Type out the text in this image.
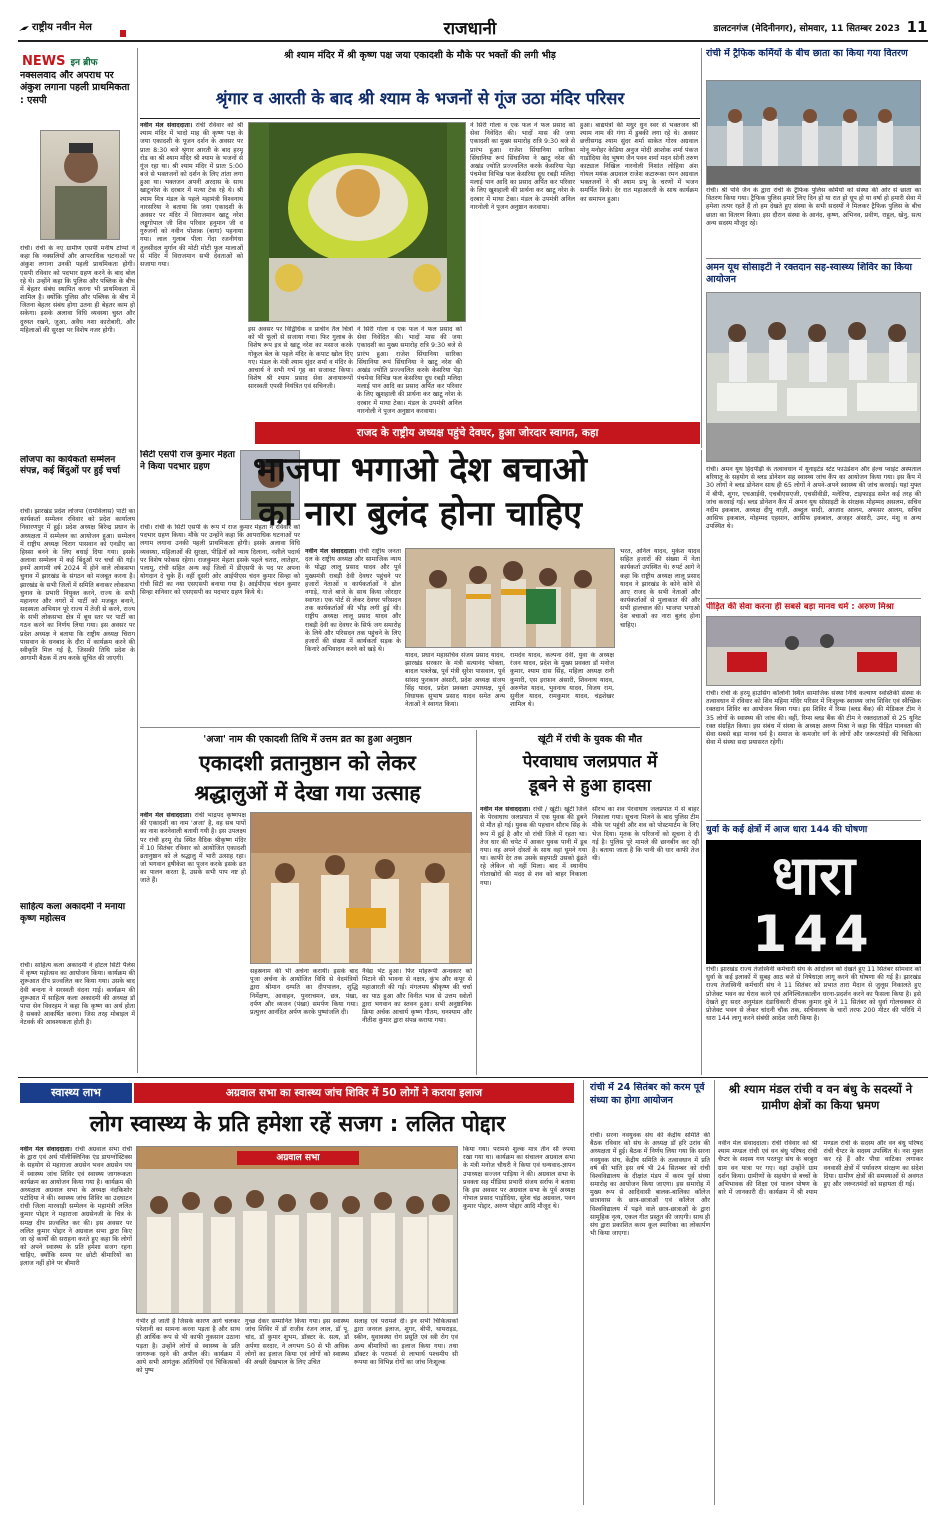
राष्ट्रीय नवीन मेल	राजधानी	डालटनगंज (मेदिनीनगर), सोमवार, 11 सितम्बर 2023 11
NEWS इन ब्रीफ
नक्सलवाद और अपराध पर अंकुश लगाना पहली प्राथमिकता : एसपी
रांची। रांची के नए ग्रामीण एसपी मनीष टोप्पो ने कहा कि नक्सलियों और आपराधिक घटनाओं पर अंकुश लगाना उनकी पहली प्राथमिकता होगी। एसपी रविवार को पदभार ग्रहण करने के बाद बोल रहे थे। उन्होंने कहा कि पुलिस और पब्लिक के बीच में बेहतर संबंध स्थापित करना भी प्राथमिकता में शामिल है। क्योंकि पुलिस और पब्लिक के बीच में जितना बेहतर संबंध होगा उतना ही बेहतर काम हो सकेगा। इसके अलावा विधि व्यवस्था चुस्त और दुरुस्त रखने, जुआ, अवैध नशा कारोबारी, और महिलाओं की सुरक्षा पर विशेष नजर होगी।
लोजपा का कार्यकर्ता सम्मेलन संपन्न, कई बिंदुओं पर हुई चर्चा
रांची। झारखंड प्रदेश लोजपा (रामविलास) पार्टी का कार्यकर्ता सम्मेलन रविवार को प्रदेश कार्यालय निवारणपुर में हुई। प्रदेश अध्यक्ष बिरेन्द्र प्रधान के अध्यक्षता में सम्मेलन का आयोजन हुआ। सम्मेलन में राष्ट्रीय अध्यक्ष चिराग पासवान को एनडीए का हिस्सा बनने के लिए बधाई दिया गया। इसके अलावा सम्मेलन में कई बिंदुओं पर चर्चा की गई। इनमें आगामी वर्ष 2024 में होने वाले लोकसभा चुनाव में झारखंड के संगठन को मजबूत करना है। झारखंड के सभी जिलों में समिति बनाकर लोकसभा चुनाव के प्रभारी नियुक्त करने, राज्य के सभी महानगर और नगरों में पार्टी को मजबूत बनाने, सदस्यता अभियान पूरे राज्य में तेजी से करने, राज्य के सभी लोकसभा क्षेत्र में बूथ स्तर पर पार्टी का गठन करने का निर्णय लिया गया। इस अवसर पर प्रदेश अध्यक्ष ने बताया कि राष्ट्रीय अध्यक्ष चिराग पासवान के धनबाद के दौरा में कार्यक्रम करने की स्वीकृति मिल गई है, जिसकी तिथि प्रदेश के आगामी बैठक में तय करके सूचित की जाएगी।
साहित्य कला अकादमी ने मनाया कृष्ण महोत्सव
रांची। साहित्य कला अकादमी ने होटल सिटी पैलेस में कृष्ण महोत्सव का आयोजन किया। कार्यक्रम की शुरूआत दीप प्रज्वलित कर किया गया। उसके बाद देवी बन्दना ने सरस्वती वंदना गाई। कार्यक्रम की शुरूआत में साहित्य कला अकादमी की अध्यक्ष डॉ पापा सेन विवरहम ने कहा कि कृष्ण का अर्थ होता है सबको आकर्षित करना। जिस तरह मोबाइल में नेटवर्क की आवश्यकता होती है।
श्री श्याम मंदिर में श्री कृष्ण पक्ष जया एकादशी के मौके पर भक्तों की लगी भीड़
श्रृंगार व आरती के बाद श्री श्याम के भजनों से गूंज उठा मंदिर परिसर
नवीन मेल संवाददाता। रांची रविवार को श्री श्याम मंदिर में भादो माह की कृष्ण पक्ष के जया एकादशी के पूजन दर्शन के अवसर पर प्रातः 8:30 बजे श्रृंगार आरती के बाद हरमू रोड का श्री श्याम मंदिर श्री श्याम के भजनों से गूंज रहा था। श्री श्याम मंदिर में प्रातः 5:00 बजे से भक्तजनों को दर्शन के लिए तांता लगा हुआ था। भक्तजन अपनी अरदास के साथ खाटूनरेश के दरबार में मत्था टेक रहे थे। श्री श्याम मित्र मंडल के पहले महामंत्री विश्वनाथ नारसरिया ने बताया कि जया एकादशी के अवसर पर मंदिर में विराजमान खाटू नरेश लड्डूगोपाल जी शिव परिवार हनुमान जी व गुरुजनों को नवीन पोशाक (बागा) पहनाया गया। लाल गुलाब पीला गेंदा रजनीगंधा तुलसीदल मुर्गान की मोटी मोटी फूल मालाओं से मंदिर में विराजमान सभी देवताओं को सजाया गया।
इस अवसर पर विद्विधिक व प्राचीन तैल चित्रों को भी फूलों से सजाया गया। फिर गुलाब के विशेष रूप इत्र से खाटू नरेश का मसाज करके गोकुल बेल के पहले मंदिर के कपाट खोल दिए गए। मंडल के मंत्री श्याम सुंदर शर्मा व मंदिर के आचार्य ने सभी गर्भ गृह का सजावट किया। विशेष श्री श्याम प्रसाद सेवा अनायारूपों सारस्वती एपसी नियंत्रित एवं सचिनजी।
ने सिरी गोला व एक फल ने फल प्रसाद को सेवा निवेदित की। भादों मास की जया एकादशी का मुख्य समारोह रात्रि 9:30 बजे से प्रारंभ हुआ। राजेश सिंघानिया सारिका सिंघानिया रूपं सिंघानिया ने खाटू नरेश की अखंड ज्योति प्रज्ज्वलित करके केसरिया पेड़ा पंचमेवा विभिन्न फल केसरिया दूध रबड़ी मलिदा मलाई पान आदि का प्रसाद अर्पित कर परिवार के लिए खुशहाली की प्रार्थना कर खाटू नरेश के दरबार में माथा टेका। मंडल के उपमंत्री अनिल नारनोली ने पूजन अनुष्ठान करवाया।
ने सिरी गोला व एक फल ने फल प्रसाद को सेवा निवेदित की। भादों मास की जया एकादशी का मुख्य समारोह रात्रि 9:30 बजे से प्रारंभ हुआ। राजेश सिंघानिया सारिका सिंघानिया रूपं सिंघानिया ने खाटू नरेश की अखंड ज्योति प्रज्ज्वलित करके केसरिया पेड़ा पंचमेवा विभिन्न फल केसरिया दूध रबड़ी मलिदा मलाई पान आदि का प्रसाद अर्पित कर परिवार के लिए खुशहाली की प्रार्थना कर खाटू नरेश के दरबार में माथा टेका। मंडल के उपमंत्री अनिल नारनोली ने पूजन अनुष्ठान करवाया।
हुआ। बाद्ययंत्रों की मधुर धुन स्वर से भक्तजन श्री श्याम नाम की गंगा में डुबकी लगा रहे थे। अवसर छत्तीसगढ़ श्याम सुंदर शर्मा साकेत गोरव अग्रवाल मोनू मनोहर केडिया अनुज मोदी आशोक शर्मा पंकज गाडोदिया वेद भूषण जैन पवन शर्मा मदन सोनी तरुण काट्याल निखिल नारनोली निशांत लोहिया अंश गोयल मयंक अग्रवाल राजेश कटारूका रमन अग्रवाल भक्तजनों ने श्री श्याम प्रभु के चरणों में भजन समर्पित किये। देर रात महाआरती के साथ कार्यक्रम का समापन हुआ।
रांची में ट्रैफिक कर्मियों के बीच छाता का किया गया वितरण
रांची। श्री पवि जैन के द्वारा रांची के ट्रैफिक पुलिस कर्मियों को संस्था की ओर से छाता का वितरण किया गया। ट्रैफिक पुलिस हमारे लिए दिन हो या रात हो धूप हो या वर्षा हो हमारी सेवा में हमेशा तत्पर रहते हैं तो हम देखते हुए संस्था के सभी सदस्यों ने मिलकर ट्रैफिक पुलिस के बीच छाता का वितरण किया। इस दौरान संस्था के आनंद, कृष्ण, अभिनव, प्रवीण, राहुल, खेनु, सत्य अन्य सदस्य मौजूद रहे।
अमन यूथ सोसाइटी ने रक्तदान सह-स्वास्थ्य शिविर का किया आयोजन
रांची। अमन यूथ हिंदपीढ़ी के तत्वावधान में यूनाइटेड स्टेट फाउंडेशन और हेल्थ प्वाइंट अस्पताल बरियातू के सहयोग से ब्लड डोनेशन सह स्वास्थ्य जांच कैंप का आयोजन किया गया। इस कैंप में 30 लोगों ने ब्लड डोनेशन साथ ही 65 लोगों ने अपने-अपने स्वास्थ्य की जांच करवाई। यहां मुफ्त में बीपी, शुगर, एचआईवी, एचबीएसएजी, एचसीवीडी, मलेरिया, टाइफाइड समेत कई तरह की जांच करवाई गई। ब्लड डोनेशन कैंप में अमन यूथ सोसाइटी के संरक्षक मोहम्मद असलम, सचिव नदीम इकबाल, अध्यक्ष दीपू नाज़ी, अब्दुल सादी, आजाद आलम, अफसर आलम, सचिव आसिफ इकबाल, मोहम्मद एहसान, आसिफ इकबाल, अजहर अंसारी, उमर, मंशु व अन्य उपस्थित थे।
पीड़ित की सेवा करना ही सबसे बड़ा मानव धर्म : अरुण मिश्रा
रांची। रांची के हरमू हाउसिंग कॉलोनी स्थित सामाजिक संस्था निधि कल्याण स्वस्तिकी संस्था के तत्वावधान में रविवार को शिव महिमा मंदिर परिसर में निःशुल्क स्वास्थ्य जांच शिविर एवं स्वैच्छिक रक्तदान शिविर का आयोजन किया गया। इस शिविर में रिम्स (ब्लड बैंक) की मेडिकल टीम ने 35 लोगों के स्वास्थ्य की जांच की। वहीं, रिम्स ब्लड बैंक की टीम ने रक्तदाताओं से 25 यूनिट रक्त संग्रहित किया। इस संबंध में संस्था के अध्यक्ष अरुण मिश्रा ने कहा कि पीड़ित मानवता की सेवा सबसे बड़ा मानव धर्म है। समाज के कमजोर वर्ग के लोगों और जरूरतमंदों की चिकित्सा सेवा में संस्था सदा प्रयासरत रहेगी।
धुर्वा के कई क्षेत्रों में आज धारा 144 की घोषणा
धारा
144
रांची। झारखंड राज्य तेजस्विनी कर्मचारी संघ के आंदोलन को देखते हुए 11 सितंबर सोमवार को धुर्वा के कई इलाकों में सुबह आठ बजे से निषेधाज्ञा लागू करने की घोषणा की गई है। झारखंड राज्य तेजस्विनी कर्मचारी संघ ने 11 सितंबर को प्रभात तारा मैदान से जुलूस निकालते हुए प्रोजेक्ट भवन का घेराव करने एवं अनिश्चितकालीन धरना-प्रदर्शन करने का फैसला किया है। इसे देखते हुए सदर अनुमंडल दंडाधिकारी दीपक कुमार दुबे ने 11 सितंबर को धुर्वा गोलचक्कर से प्रोजेक्ट भवन से लेकर चांदनी चौक तक, सचिवालय के चारों तरफ 200 मीटर की परिधि में धारा 144 लागू करने संबंधी आदेश जारी किया है।
सिटी एसपी राज कुमार मेहता ने किया पदभार ग्रहण
राजद के राष्ट्रीय अध्यक्ष पहुंचे देवघर, हुआ जोरदार स्वागत, कहा
भाजपा भगाओ देश बचाओ
का नारा बुलंद होना चाहिए
रांची। रांची के सिटी एसपी के रूप में राज कुमार मेहता ने रविवार को पदभार ग्रहण किया। मौके पर उन्होंने कहा कि आपराधिक घटनाओं पर लगाम लगाना उनकी पहली प्राथमिकता होगी। इसके अलावा विधि व्यवस्था, महिलाओं की सुरक्षा, पीड़ितों को न्याय दिलाना, नशीले पदार्थ पर विशेष फोकस रहेगा। राजकुमार मेहता इसके पहले चतरा, लातेहार, पलामू, रांची सहित अन्य कई जिलों में डीएसपी के पद पर अपना योगदान दे चुके हैं। वहीं दूसरी ओर आईपीएस चंदन कुमार सिन्हा को रांची सिटी का नया एसएसपी बनाया गया है। आईपीएस चंदन कुमार सिन्हा शनिवार को एसएसपी का पदभार ग्रहण किये थे।
नवीन मेल संवाददाता। रांची राष्ट्रीय जनता दल के राष्ट्रीय अध्यक्ष और सामाजिक न्याय के योद्धा लालू प्रसाद यादव और पूर्व मुख्यमंत्री राबड़ी देवी देवघर पहुंचने पर हजारों नेताओं व कार्यकर्ताओं ने ढोल नगाड़े, गाजे बाजे के साथ किया जोरदार स्वागत। एक पोर्ट से लेकर देवघर परिसदन तक कार्यकर्ताओं की भीड़ लगी हुई थी। राष्ट्रीय अध्यक्ष लालू प्रसाद यादव और राबड़ी देवी का देवघर के सिर्फ जग समारोह के लिये और परिसदन तक पहुंचने के लिए हजारों की संख्या में कार्यकर्ता सड़क के किनारे अभिवादन करने को खड़े थे।
यादव, प्रधान महासचिव संजय प्रसाद यादव, झारखंड सरकार के मंत्री सत्यानंद भोक्ता, बादल पत्रलेख, पूर्व मंत्री सुरेश पासवान, पूर्व सांसद फुरकान अंसारी, प्रदेश अध्यक्ष संजय सिंह यादव, प्रदेश प्रवक्ता उपाध्यक्ष, पूर्व विधायक सुभाष प्रसाद यादव समेत अन्य नेताओं ने स्वागत किया।
रामदेव यादव, कल्पना देवी, युवा के अध्यक्ष रंजन यादव, प्रदेश के मुख्य प्रवक्ता डॉ मनोज कुमार, श्याम दास सिंह, महिला अध्यक्ष रानी कुमारी, एस इरफ़ान अंसारी, शिवनाथ यादव, अरुणेश यादव, भुवनाथ यादव, विजय राम, सुनील यादव, रामकुमार यादव, चंद्रशेखर शामिल थे।
भरत, अनिल यादव, मुकेश यादव सहित हजारों की संख्या में नेता कार्यकर्ता उपस्थित थे। रुपर्ट आगे ने कहा कि राष्ट्रीय अध्यक्ष लालू प्रसाद यादव ने झारखंड के कोने कोने से आए राजद के सभी नेताओं और कार्यकर्ताओं से मुलाकात की और सभी हालचाल की। भाजपा भगाओ देश बचाओ का नारा बुलंद होना चाहिए।
'अजा' नाम की एकादशी तिथि में उत्तम व्रत का हुआ अनुष्ठान
एकादशी व्रतानुष्ठान को लेकर
श्रद्धालुओं में देखा गया उत्साह
नवीन मेल संवाददाता। रांची भाद्रपद कृष्णपक्ष की एकादशी का नाम 'अजा' है, वह सब पापों का नाश करनेवाली बतायी गयी है। इस उपलक्ष्य पर रांची हरमू रोड स्थित वैदिक श्रीकृष्ण मंदिर में 10 सितंबर रविवार को आयोजित एकादशी व्रतानुष्ठान को ले श्रद्धालु में भारी उत्साह रहा। जो भगवान हृषीकेश का पूजन करके इसके व्रत का पालन करता है, उसके सभी पाप नष्ट हो जाते हैं।
सहस्रनाम की भी अर्चना करायी। इसके बाद पूजा अर्चना के आयोजित विधि से वेदमंत्रियों द्वारा श्रीमान दम्पति का दीपपालन, शुद्धि निर्मेक्षण, आवाहन, पुनराचमन, छत्र, पंखा, दर्पण और व्यजन (पंखा) समर्पण किया गया। प्रत्युत्तर आनंदित अर्पण करके पुष्पांजलि दी।
नैवेद्य भेंट हुआ। फिर मोहरूपी अन्धकार को मिटाने की भावना से नक्षत्र, कुंभ और कपूर से महाआरती की गई। मंगलमय श्रीकृष्ण की चर्चा का पाठ हुआ और विनीत भाव से उत्तम स्त्रोतों द्वारा भगवान का स्तवन हुआ। सभी अनुष्ठानिक क्रिया अर्चक आचार्य कृष्ण गौतम, घनश्याम और नीतीश कुमार द्वारा संपन्न कराया गया।
खूंटी में रांची के युवक की मौत
पेरवाघाघ जलप्रपात में
डूबने से हुआ हादसा
नवीन मेल संवाददाता। रांची / खूंटी। खूंटी जिले के पेरवाघाघ जलप्रपात में एक युवक की डूबने से मौत हो गई। युवक की पहचान सौरभ सिंह के रूप में हुई है और वो रांची जिले में रहता था। तेज धार की चपेट में आकर युवक पानी में डूब गया। वह अपने दोस्तों के साथ वहां घूमने गया था। काफी देर तक उसके सहपाठी उसको ढूंढते रहे लेकिन वो नहीं मिला। बाद में स्थानीय गोताखोरों की मदद से शव को बाहर निकाला गया।
सौरभ का शव पेरवाघाघ जलप्रपात में से बाहर निकाला गया। सूचना मिलने के बाद पुलिस टीम मौके पर पहुंची और शव को पोस्टमार्टम के लिए भेज दिया। मृतक के परिजनों को सूचना दे दी गई है। पुलिस पूरे मामले की छानबीन कर रही है। बताया जाता है कि पानी की धार काफी तेज थी।
स्वास्थ्य लाभ	अग्रवाल सभा का स्वास्थ्य जांच शिविर में 50 लोगों ने कराया इलाज
लोग स्वास्थ्य के प्रति हमेशा रहें सजग : ललित पोद्दार
नवीन मेल संवाददाता। रांची अग्रवाल सभा रांची के द्वारा एवं अर्थ पॉलीक्लिनिक एंड डायग्नोस्टिक्स के सहयोग से महाराजा अग्रसेन भवन अग्रसेन पथ में स्वास्थ्य जांच शिविर एवं स्वास्थ्य जागरूकता कार्यक्रम का आयोजन किया गया है। कार्यक्रम की अध्यक्षता अग्रवाल सभा के अध्यक्ष नंदकिशोर पटोदिया ने की। स्वास्थ्य जांच शिविर का उदघाटन रांची जिला मारवाड़ी सम्मेलन के महामंत्री ललित कुमार पोद्दार ने महाराजा अग्रसेनजी के चित्र के समक्ष दीप प्रज्वलित कर की। इस अवसर पर ललित कुमार पोद्दार ने अग्रवाल सभा द्वारा किए जा रहे कार्यों की सराहना करते हुए कहा कि लोगों को अपने स्वास्थ्य के प्रति हमेशा सजग रहना चाहिए, क्योंकि समय पर छोटी बीमारियों का इलाज नहीं होने पर बीमारी
अग्रवाल सभा
गंभीर हो जाती है जिसके कारण आगे चलकर परेशानी का सामना करना पड़ता है और साथ ही आर्थिक रूप से भी काफी नुकसान उठाना पड़ता है। उन्होंने लोगों से स्वास्थ्य के प्रति जागरूक रहने की अपील की। कार्यक्रम में आये सभी आगंतुक अतिथियों एवं चिकित्सकों को पुष्प
गुच्छ देकर सम्मानित किया गया। इस स्वास्थ्य जांच शिविर में डॉ राजीव रंजन लाल, डॉ पू. चांद, डॉ कुमार शुभम, डॉक्टर के. सत्य, डॉ अर्पणा सरदार, ने लगभग 50 से भी अधिक लोगों का इलाज किया एवं लोगों को स्वास्थ्य की अच्छी देखभाल के लिए उचित
सलाह एवं परामर्श दी। इन सभी चिकित्सकों द्वारा जनरल इलाज, शुगर, बीपी, थायराइड, स्कीन, युवावस्था रोग प्रसूति एवं स्त्री रोग एवं अन्य बीमारियों का इलाज किया गया। तथा डॉक्टर के परामर्श से लाभार्थ पश्चमीय सी रूपया का विभिन्न रोगों का जांच निःशुल्क
किया गया। परामर्श शुल्क मात्र तीन सौ रुपया रखा गया था। कार्यक्रम का संचालन अग्रवाल सभा के मंत्री मनोज चौधरी ने किया एवं धन्यवाद-ज्ञापन उपाध्यक्ष सज्जन पाड़िया ने की। अग्रवाल सभा के प्रवक्ता सह मीडिया प्रभारी संजय सर्राफ ने बताया कि इस अवसर पर अग्रवाल सभा के पूर्व अध्यक्ष गोपाल प्रसाद पाड़ोदिया, सुरेश चंद्र अग्रवाल, पवन कुमार पोद्दार, अरुण पोद्दार आदि मौजूद थे।
रांची में 24 सितंबर को करम पूर्व संध्या का होगा आयोजन
रांची। सरना नवयुवक संघ की केंद्रीय समिति की बैठक रविवार को संघ के अध्यक्ष डॉ हरि उरांव की अध्यक्षता में हुई। बैठक में निर्णय लिया गया कि सरना नवयुवक संघ, केंद्रीय समिति के तत्वावधान में प्रति वर्ष की भांति इस वर्ष भी 24 सितम्बर को रांची विश्वविद्यालय के दीक्षांत मंडप में करम पूर्व संध्या समारोह का आयोजन किया जाएगा। इस समारोह में मुख्य रूप से आदिवासी बालक-बालिका कॉलेज छात्रावास के छात्र-छात्राओं एवं कॉलेज और विश्वविद्यालय में पढ़ने वाले छात्र-छात्राओं के द्वारा सामूहिक नृत्य, एकल गीत प्रस्तुत की जाएगी। साथ ही संघ द्वारा प्रकाशित करम कूल स्मारिका का लोकार्पण भी किया जाएगा।
श्री श्याम मंडल रांची व वन बंधु के सदस्यों ने ग्रामीण क्षेत्रों का किया भ्रमण
नवीन मेल संवाददाता। रांची रविवार को श्री श्याम मण्डल रांची एवं वन बंधु परिषद रांची चैप्टर के सदस्य गण परतपुर संघ के बरबुरा ग्राम वन यात्रा पर गए। वहां उन्होंने ग्राम दर्शन किया। ग्रामीणों के सहयोग से बच्चों के अभिभावक की शिक्षा एवं पालन पोषण के बारे में जानकारी दी। कार्यक्रम में श्री श्याम मण्डल रांची के सदस्य और वन बंधु परिषद रांची चैप्टर के सदस्य उपस्थित थे। नश मुक्त कर रहे हैं और पौधा वाटिका लगाकर वनवासी क्षेत्रों में पर्यावरण संरक्षण का संदेश दिया। ग्रामीण क्षेत्रों की समस्याओं से अवगत हुए और जरूरतमंदों को सहायता दी गई।
